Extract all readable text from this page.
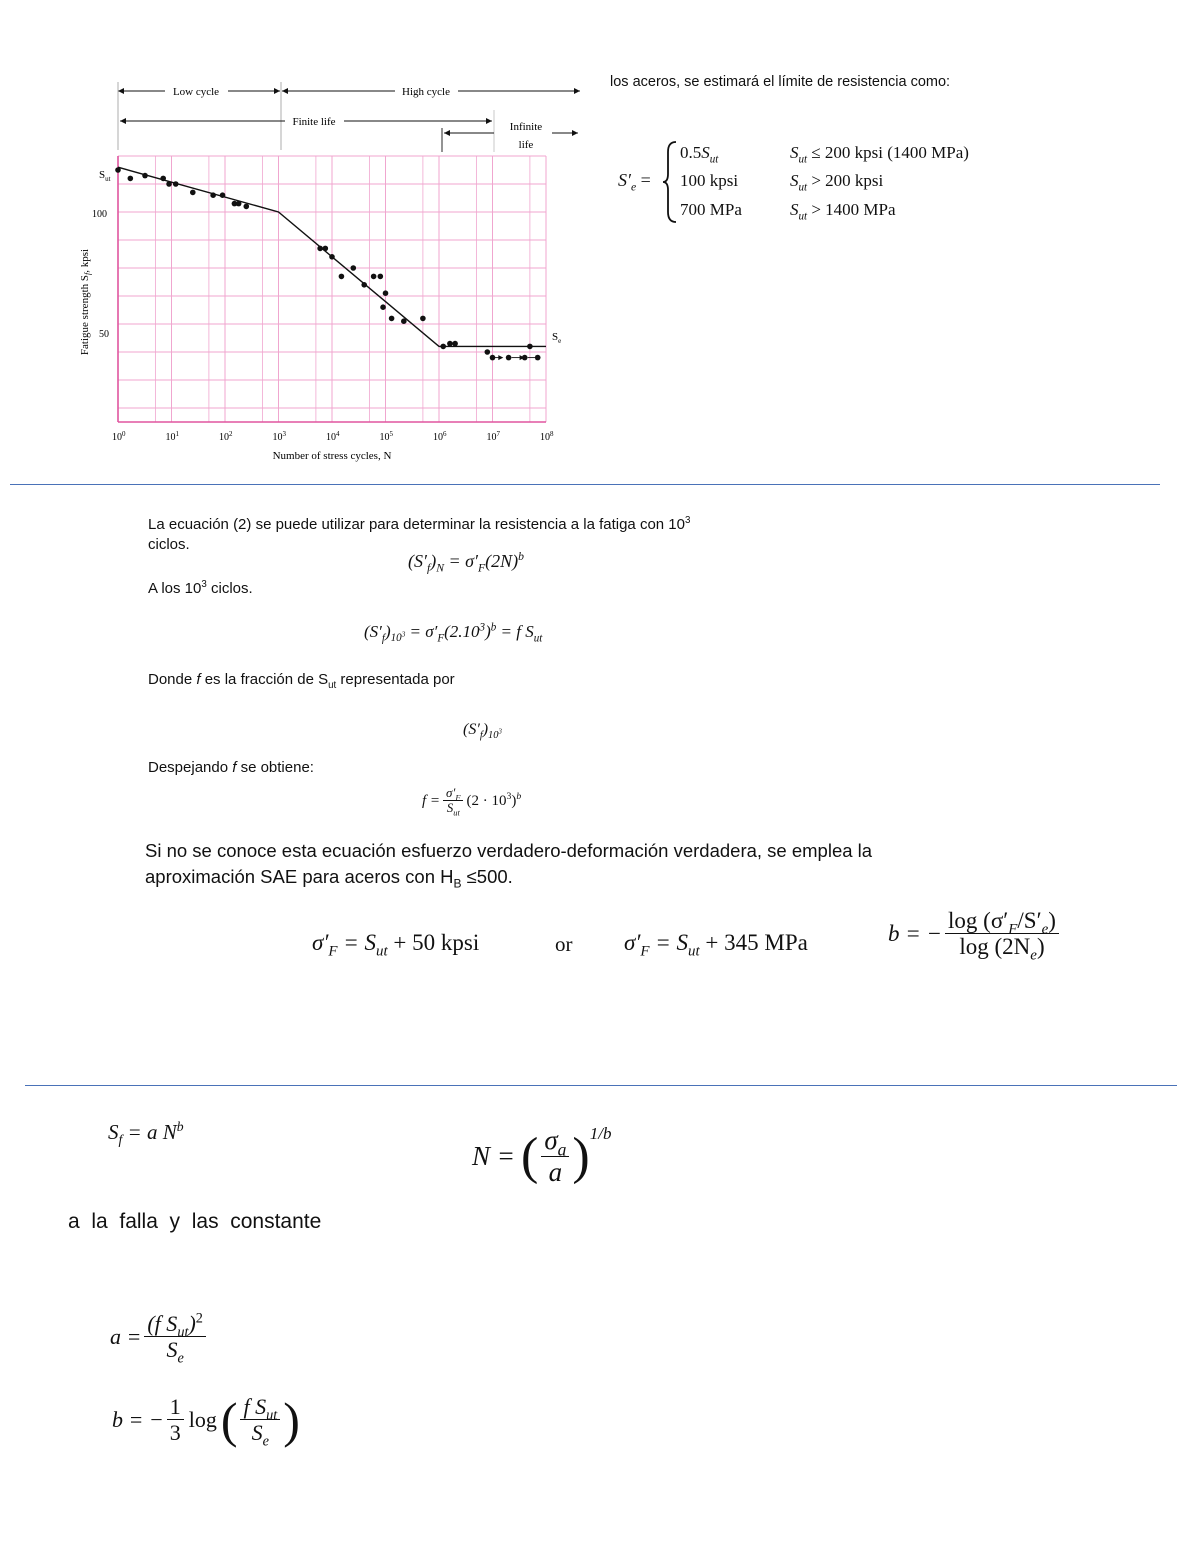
$10^0$	$10^1$	$10^2$	$10^3$	$10^4$	$10^5$	$10^6$	$10^7$	$10^8$
Low cycle	High cycle
Finite life	Infinite
life
$S_{ut}$
100
50
Fatigue strength Sf, kpsi
$S_e$
Number of stress cycles, N
los aceros, se estimará el límite de resistencia como:
$S'_e$ =
$0.5S_{ut}$	$S_{ut} \le 200$ kpsi (1400 MPa)
100 kpsi	$S_{ut} > 200$ kpsi
700 MPa	$S_{ut} > 1400$ MPa
La ecuación (2) se puede utilizar para determinar la resistencia a la fatiga con $10^3$
ciclos.
$(S'_f)_N = \sigma'_F(2N)^b$
A los $10^3$ ciclos.
$(S'_f)_{10^3} = \sigma'_F(2.10^3)^b = f$ $S_{ut}$
Donde f es la fracción de $S_{ut}$ representada por
$(S'_f)_{10^3}$
Despejando f se obtiene:
$f = \frac{\sigma'_F}{S_{ut}} (2 \cdot 10^3)^b$
Si no se conoce esta ecuación esfuerzo verdadero-deformación verdadera, se emplea la
aproximación SAE para aceros con $H_B \le 500$.
$\sigma'_F = S_{ut} + 50$ kpsi	or $\sigma'_F = S_{ut} + 345$ MPa	b = − $\frac{\log (\sigma'_F/S'_e)}{\log (2N_e)}$
$S_f = a$ $N^b$
N = ( $\frac{\sigma_a}{a}$ ) 1/b
a  la  falla  y  las  constante
$a = \frac{(f S_{ut})^2}{S_e}$
b = − $\frac{1}{3}$ log ( $\frac{f S_{ut}}{S_e}$ )
